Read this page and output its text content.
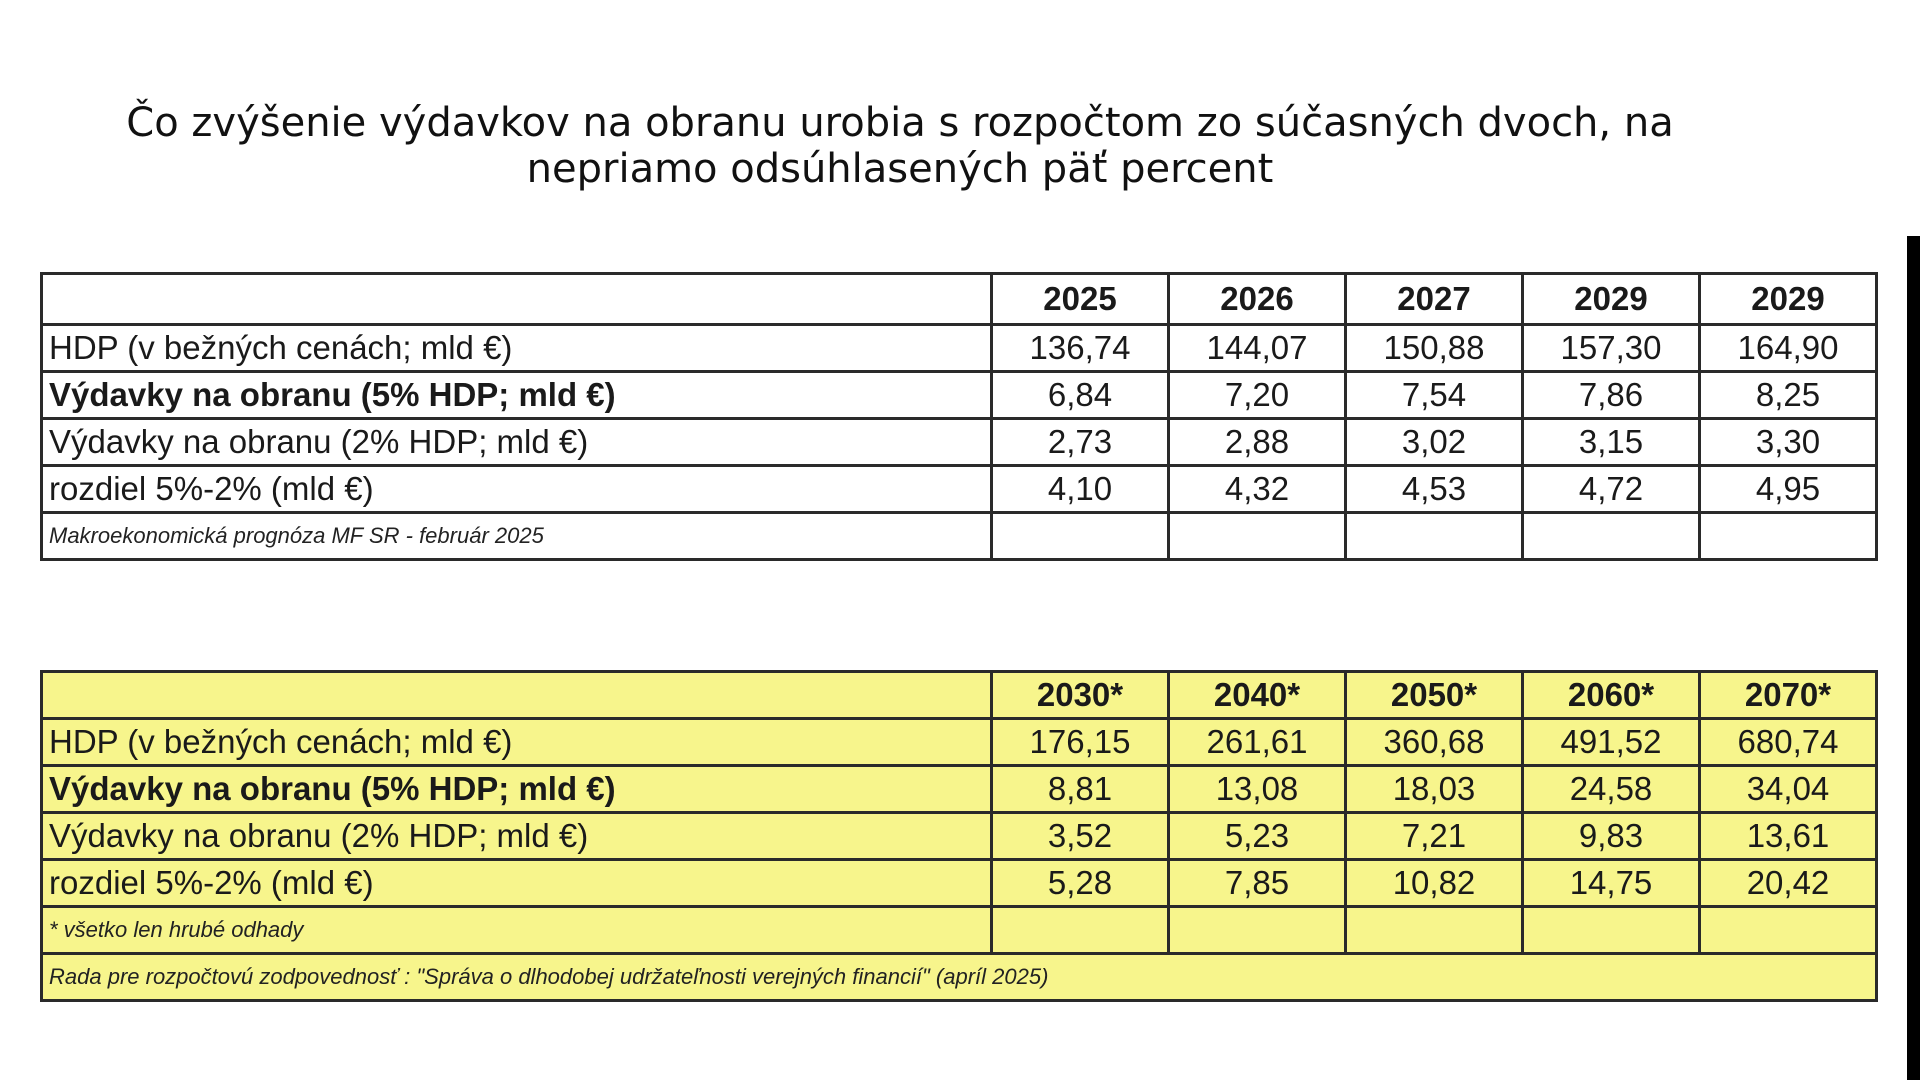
Čo zvýšenie výdavkov na obranu urobia s rozpočtom zo súčasných dvoch, na
nepriamo odsúhlasených päť percent
	2025	2026	2027	2029	2029
HDP (v bežných cenách; mld €)	136,74	144,07	150,88	157,30	164,90
Výdavky na obranu (5% HDP; mld €)	6,84	7,20	7,54	7,86	8,25
Výdavky na obranu (2% HDP; mld €)	2,73	2,88	3,02	3,15	3,30
rozdiel 5%-2% (mld €)	4,10	4,32	4,53	4,72	4,95
Makroekonomická prognóza MF SR - február 2025					
	2030*	2040*	2050*	2060*	2070*
HDP (v bežných cenách; mld €)	176,15	261,61	360,68	491,52	680,74
Výdavky na obranu (5% HDP; mld €)	8,81	13,08	18,03	24,58	34,04
Výdavky na obranu (2% HDP; mld €)	3,52	5,23	7,21	9,83	13,61
rozdiel 5%-2% (mld €)	5,28	7,85	10,82	14,75	20,42
* všetko len hrubé odhady					
Rada pre rozpočtovú zodpovednosť : "Správa o dlhodobej udržateľnosti verejných financií" (apríl 2025)					
